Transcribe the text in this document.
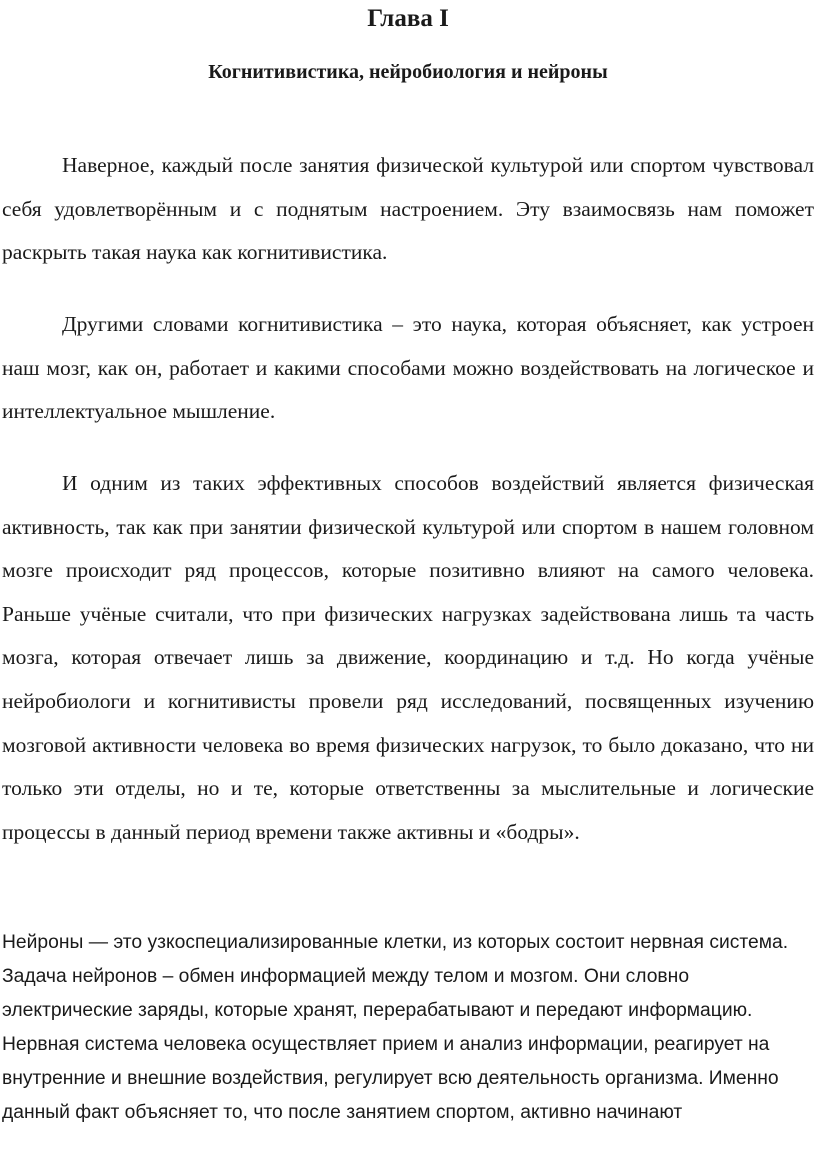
Глава I
Когнитивистика, нейробиология и нейроны

Наверное, каждый после занятия физической культурой или спортом чувствовал себя удовлетворённым и с поднятым настроением. Эту взаимосвязь нам поможет раскрыть такая наука как когнитивистика.

Другими словами когнитивистика – это наука, которая объясняет, как устроен наш мозг, как он, работает и какими способами можно воздействовать на логическое и интеллектуальное мышление.

И одним из таких эффективных способов воздействий является физическая активность, так как при занятии физической культурой или спортом в нашем головном мозге происходит ряд процессов, которые позитивно влияют на самого человека. Раньше учёные считали, что при физических нагрузках задействована лишь та часть мозга, которая отвечает лишь за движение, координацию и т.д. Но когда учёные нейробиологи и когнитивисты провели ряд исследований, посвященных изучению мозговой активности человека во время физических нагрузок, то было доказано, что ни только эти отделы, но и те, которые ответственны за мыслительные и логические процессы в данный период времени также активны и «бодры».

Нейроны — это узкоспециализированные клетки, из которых состоит нервная система. Задача нейронов – обмен информацией между телом и мозгом. Они словно электрические заряды, которые хранят, перерабатывают и передают информацию. Нервная система человека осуществляет прием и анализ информации, реагирует на внутренние и внешние воздействия, регулирует всю деятельность организма. Именно данный факт объясняет то, что после занятием спортом, активно начинают
